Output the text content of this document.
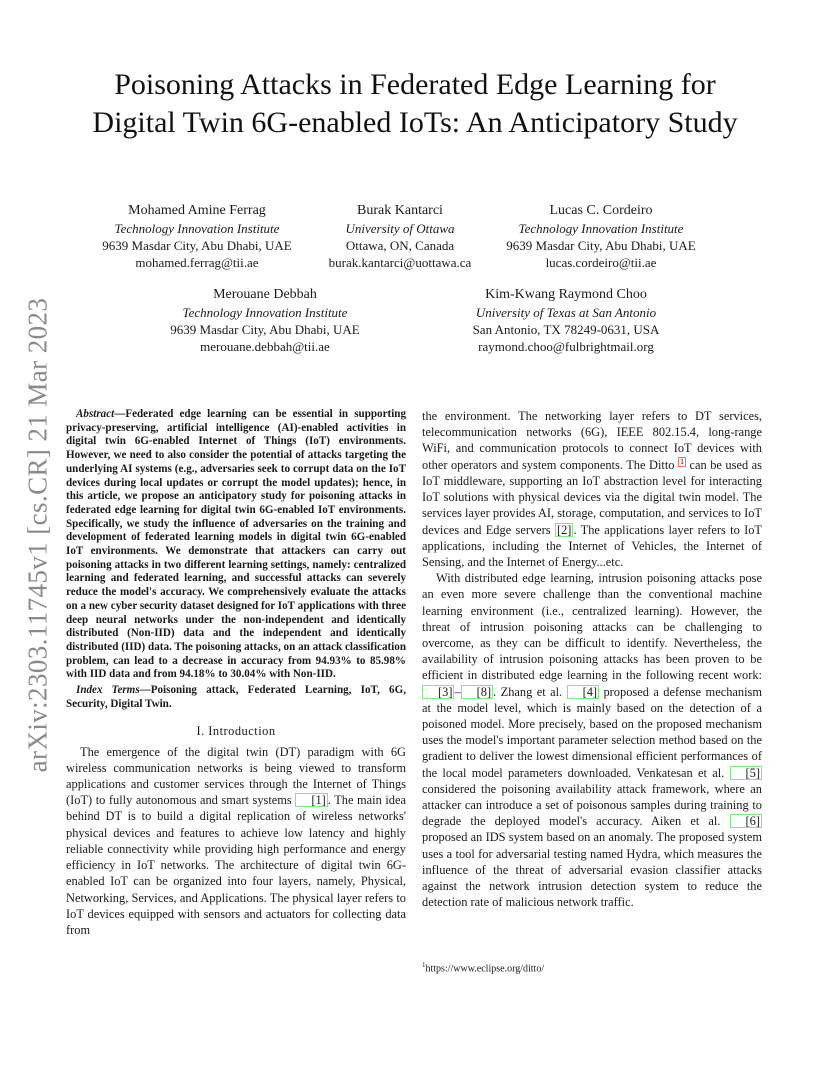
arXiv:2303.11745v1 [cs.CR] 21 Mar 2023
Poisoning Attacks in Federated Edge Learning for Digital Twin 6G-enabled IoTs: An Anticipatory Study
Mohamed Amine Ferrag
Technology Innovation Institute
9639 Masdar City, Abu Dhabi, UAE
mohamed.ferrag@tii.ae
Burak Kantarci
University of Ottawa
Ottawa, ON, Canada
burak.kantarci@uottawa.ca
Lucas C. Cordeiro
Technology Innovation Institute
9639 Masdar City, Abu Dhabi, UAE
lucas.cordeiro@tii.ae
Merouane Debbah
Technology Innovation Institute
9639 Masdar City, Abu Dhabi, UAE
merouane.debbah@tii.ae
Kim-Kwang Raymond Choo
University of Texas at San Antonio
San Antonio, TX 78249-0631, USA
raymond.choo@fulbrightmail.org

Abstract—Federated edge learning can be essential in supporting privacy-preserving, artificial intelligence (AI)-enabled activities in digital twin 6G-enabled Internet of Things (IoT) environments. However, we need to also consider the potential of attacks targeting the underlying AI systems (e.g., adversaries seek to corrupt data on the IoT devices during local updates or corrupt the model updates); hence, in this article, we propose an anticipatory study for poisoning attacks in federated edge learning for digital twin 6G-enabled IoT environments. Specifically, we study the influence of adversaries on the training and development of federated learning models in digital twin 6G-enabled IoT environments. We demonstrate that attackers can carry out poisoning attacks in two different learning settings, namely: centralized learning and federated learning, and successful attacks can severely reduce the model's accuracy. We comprehensively evaluate the attacks on a new cyber security dataset designed for IoT applications with three deep neural networks under the non-independent and identically distributed (Non-IID) data and the independent and identically distributed (IID) data. The poisoning attacks, on an attack classification problem, can lead to a decrease in accuracy from 94.93% to 85.98% with IID data and from 94.18% to 30.04% with Non-IID.

Index Terms—Poisoning attack, Federated Learning, IoT, 6G, Security, Digital Twin.

I. Introduction

The emergence of the digital twin (DT) paradigm with 6G wireless communication networks is being viewed to transform applications and customer services through the Internet of Things (IoT) to fully autonomous and smart systems [1] . The main idea behind DT is to build a digital replication of wireless networks' physical devices and features to achieve low latency and highly reliable connectivity while providing high performance and energy efficiency in IoT networks. The architecture of digital twin 6G-enabled IoT can be organized into four layers, namely, Physical, Networking, Services, and Applications. The physical layer refers to IoT devices equipped with sensors and actuators for collecting data from

the environment. The networking layer refers to DT services, telecommunication networks (6G), IEEE 802.15.4, long-range WiFi, and communication protocols to connect IoT devices with other operators and system components. The Ditto 1 can be used as IoT middleware, supporting an IoT abstraction level for interacting IoT solutions with physical devices via the digital twin model. The services layer provides AI, storage, computation, and services to IoT devices and Edge servers [2] . The applications layer refers to IoT applications, including the Internet of Vehicles, the Internet of Sensing, and the Internet of Energy...etc.

With distributed edge learning, intrusion poisoning attacks pose an even more severe challenge than the conventional machine learning environment (i.e., centralized learning). However, the threat of intrusion poisoning attacks can be challenging to overcome, as they can be difficult to identify. Nevertheless, the availability of intrusion poisoning attacks has been proven to be efficient in distributed edge learning in the following recent work: [3] – [8] . Zhang et al. [4] proposed a defense mechanism at the model level, which is mainly based on the detection of a poisoned model. More precisely, based on the proposed mechanism uses the model's important parameter selection method based on the gradient to deliver the lowest dimensional efficient performances of the local model parameters downloaded. Venkatesan et al. [5] considered the poisoning availability attack framework, where an attacker can introduce a set of poisonous samples during training to degrade the deployed model's accuracy. Aiken et al. [6] proposed an IDS system based on an anomaly. The proposed system uses a tool for adversarial testing named Hydra, which measures the influence of the threat of adversarial evasion classifier attacks against the network intrusion detection system to reduce the detection rate of malicious network traffic.

$^1$https://www.eclipse.org/ditto/
